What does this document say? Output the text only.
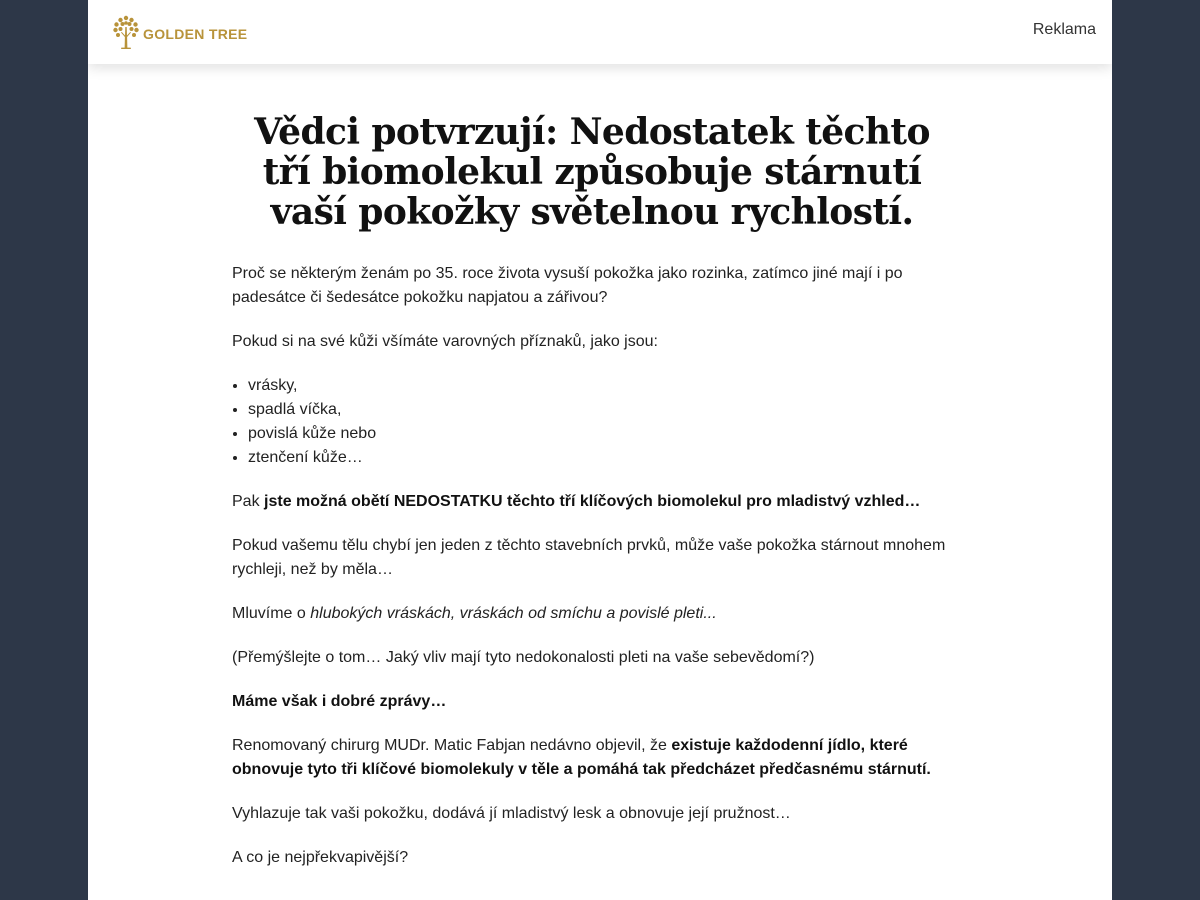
GOLDEN TREE	Reklama
Vědci potvrzují: Nedostatek těchto tří biomolekul způsobuje stárnutí vaší pokožky světelnou rychlostí.

Proč se některým ženám po 35. roce života vysuší pokožka jako rozinka, zatímco jiné mají i po padesátce či šedesátce pokožku napjatou a zářivou?

Pokud si na své kůži všímáte varovných příznaků, jako jsou:

• vrásky,
• spadlá víčka,
• povislá kůže nebo
• ztenčení kůže…

Pak jste možná obětí NEDOSTATKU těchto tří klíčových biomolekul pro mladistvý vzhled…

Pokud vašemu tělu chybí jen jeden z těchto stavebních prvků, může vaše pokožka stárnout mnohem rychleji, než by měla…

Mluvíme o hlubokých vráskách, vráskách od smíchu a povislé pleti...

(Přemýšlejte o tom… Jaký vliv mají tyto nedokonalosti pleti na vaše sebevědomí?)

Máme však i dobré zprávy…

Renomovaný chirurg MUDr. Matic Fabjan nedávno objevil, že existuje každodenní jídlo, které obnovuje tyto tři klíčové biomolekuly v těle a pomáhá tak předcházet předčasnému stárnutí.

Vyhlazuje tak vaši pokožku, dodává jí mladistvý lesk a obnovuje její pružnost…

A co je nejpřekvapivější?
